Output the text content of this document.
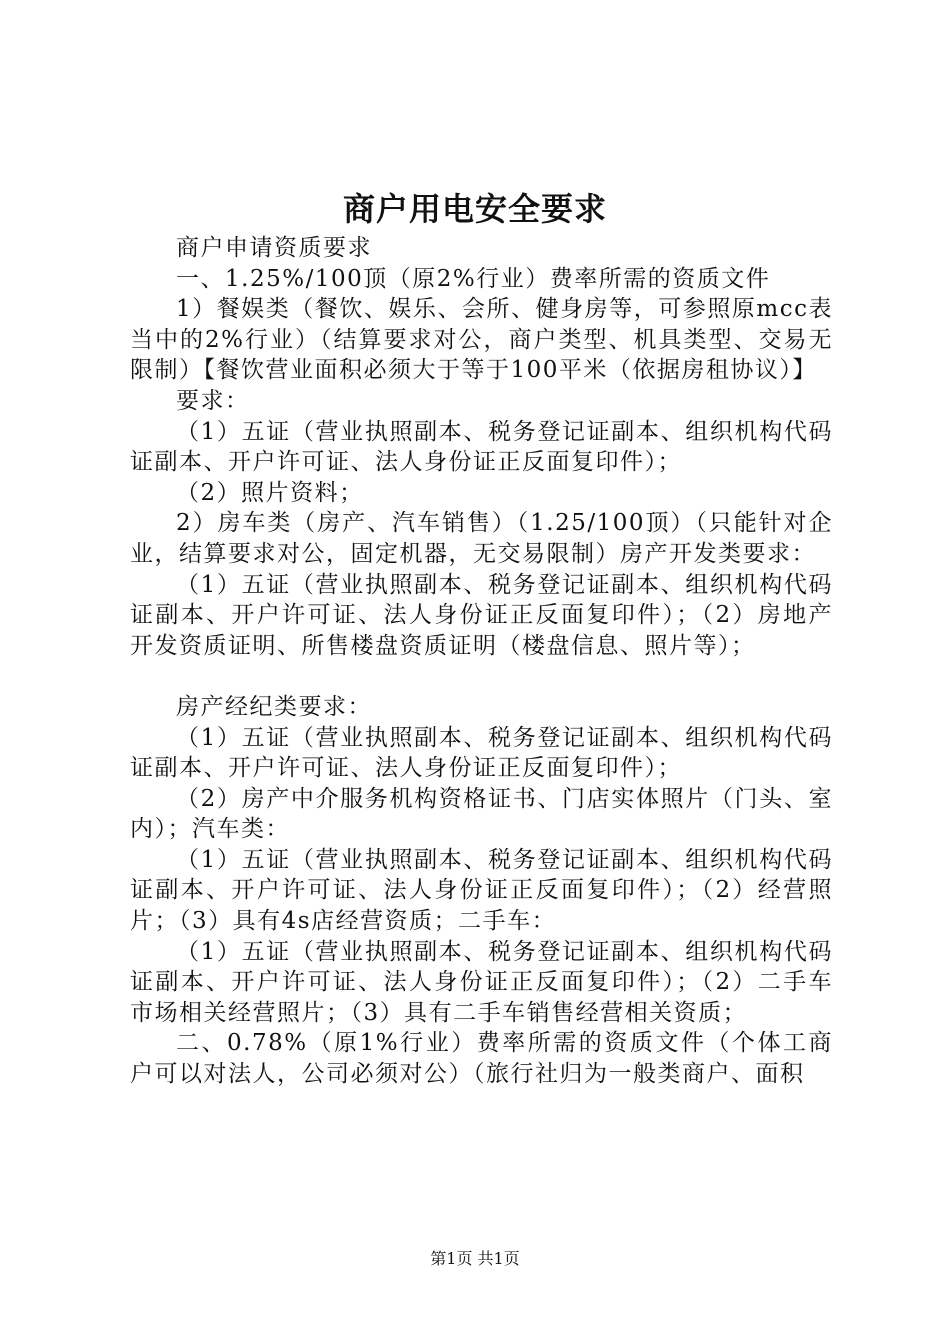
商户用电安全要求

商户申请资质要求

一、1.25%/100顶（原2%行业）费率所需的资质文件

1）餐娱类（餐饮、娱乐、会所、健身房等，可参照原mcc表当中的2%行业）（结算要求对公，商户类型、机具类型、交易无限制）【餐饮营业面积必须大于等于100平米（依据房租协议）】

要求：

（1）五证（营业执照副本、税务登记证副本、组织机构代码证副本、开户许可证、法人身份证正反面复印件）；

（2）照片资料；

2）房车类（房产、汽车销售）（1.25/100顶）（只能针对企业，结算要求对公，固定机器，无交易限制）房产开发类要求：

（1）五证（营业执照副本、税务登记证副本、组织机构代码证副本、开户许可证、法人身份证正反面复印件）；（2）房地产开发资质证明、所售楼盘资质证明（楼盘信息、照片等）；

房产经纪类要求：

（1）五证（营业执照副本、税务登记证副本、组织机构代码证副本、开户许可证、法人身份证正反面复印件）；

（2）房产中介服务机构资格证书、门店实体照片（门头、室内）；汽车类：

（1）五证（营业执照副本、税务登记证副本、组织机构代码证副本、开户许可证、法人身份证正反面复印件）；（2）经营照片；（3）具有4s店经营资质；二手车：

（1）五证（营业执照副本、税务登记证副本、组织机构代码证副本、开户许可证、法人身份证正反面复印件）；（2）二手车市场相关经营照片；（3）具有二手车销售经营相关资质；

二、0.78%（原1%行业）费率所需的资质文件（个体工商户可以对法人，公司必须对公）（旅行社归为一般类商户、面积

第1页 共1页
